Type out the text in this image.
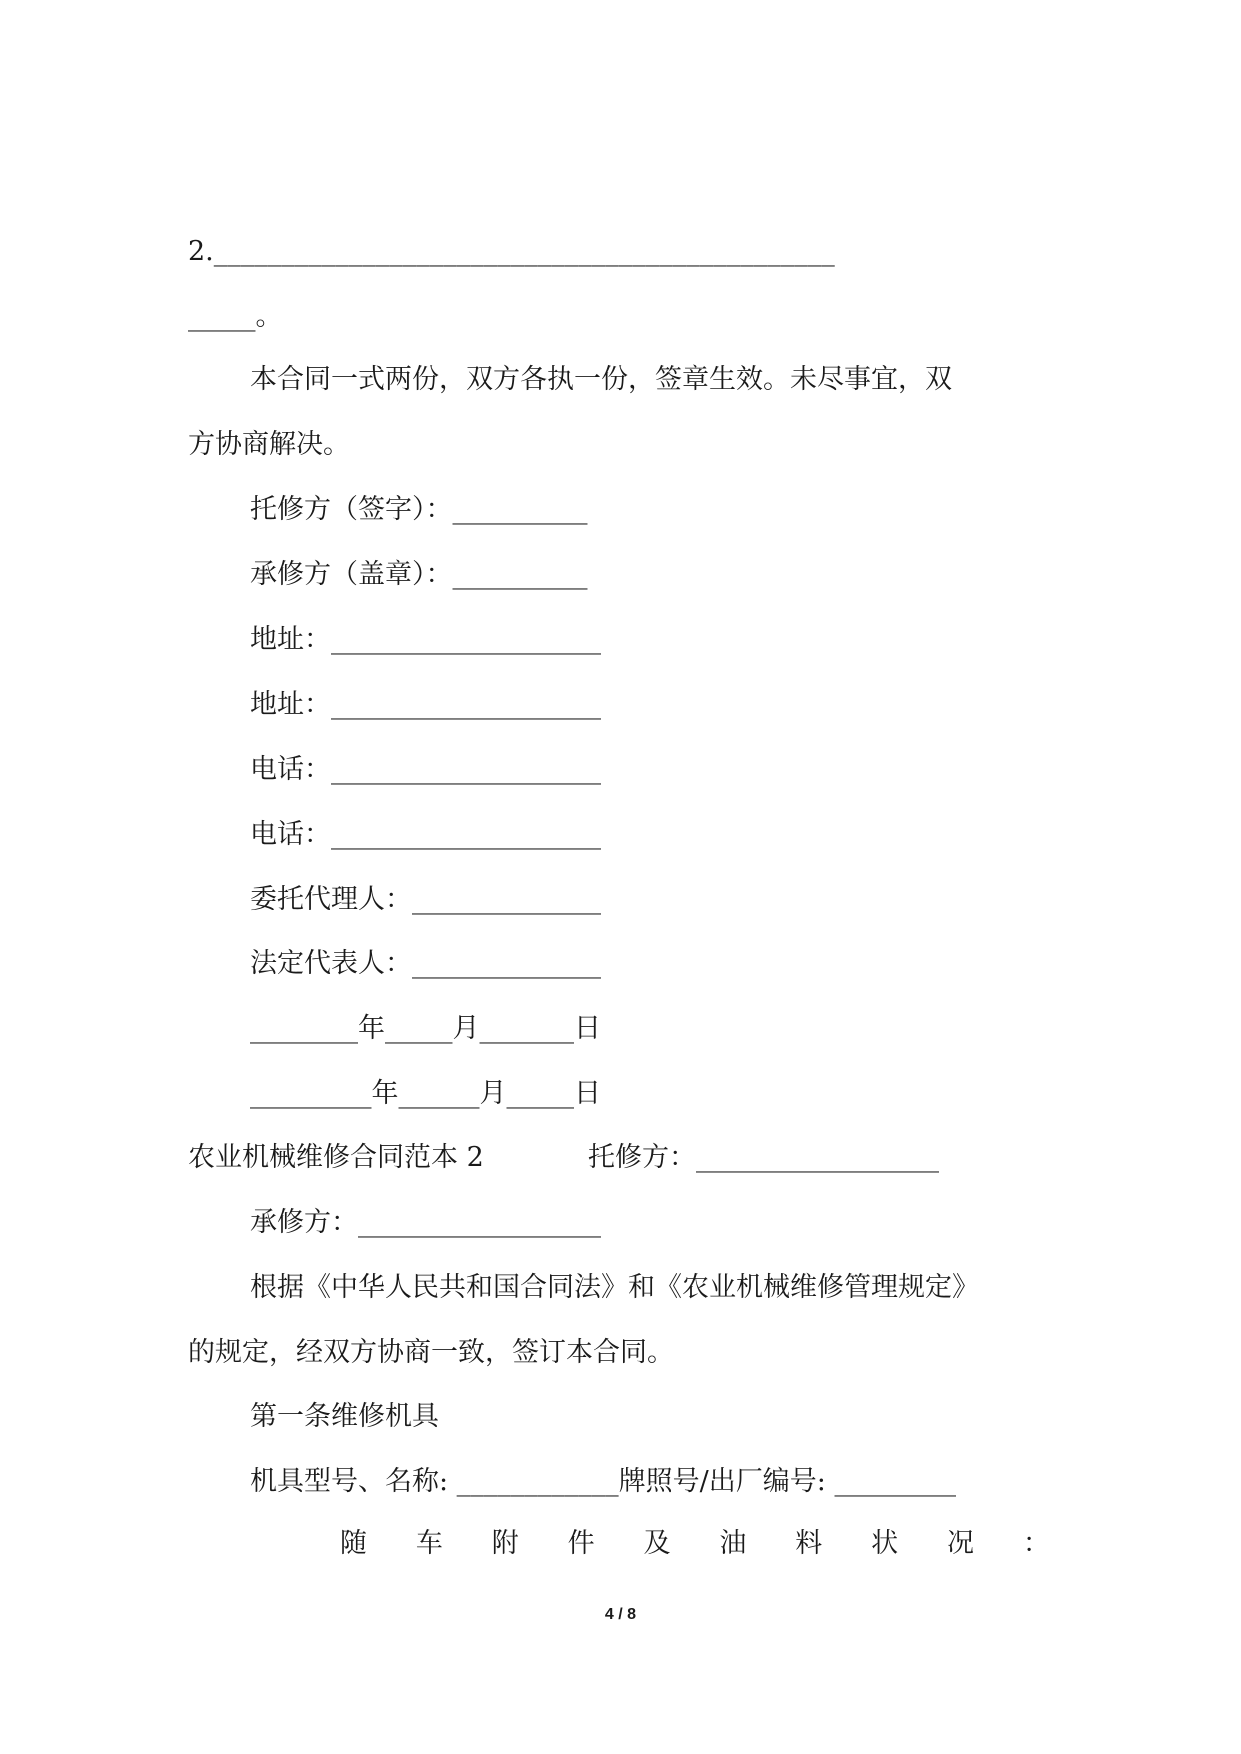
2.______________________________________________
_____。
本合同一式两份，双方各执一份，签章生效。未尽事宜，双
方协商解决。
托修方（签字）：__________
承修方（盖章）：__________
地址：____________________
地址：____________________
电话：____________________
电话：____________________
委托代理人：______________
法定代表人：______________
________年_____月_______日
_________年______月_____日
农业机械维修合同范本 2	托修方：__________________
承修方：__________________
根据《中华人民共和国合同法》和《农业机械维修管理规定》
的规定，经双方协商一致，签订本合同。
第一条维修机具
机具型号、名称: ____________牌照号/出厂编号: _________
随 车 附 件 及 油 料 状 况 ：
4 / 8
